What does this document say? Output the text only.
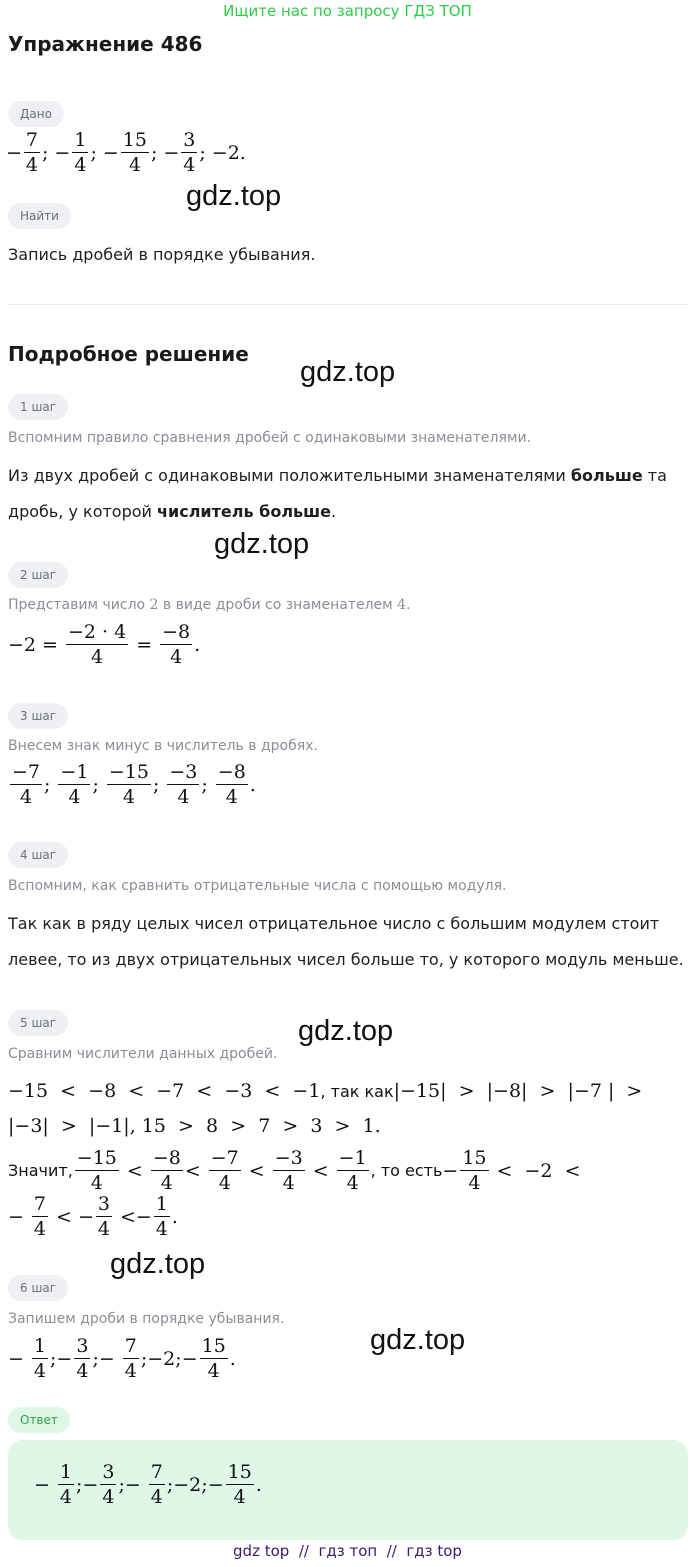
Ищите нас по запросу ГДЗ ТОП
Упражнение 486
Дано
− $\frac{7}{4}$ ; − $\frac{1}{4}$ ; − $\frac{15}{4}$ ; − $\frac{3}{4}$ ; −2.
gdz.top
Найти
Запись дробей в порядке убывания.
Подробное решение
gdz.top
1 шаг
Вспомним правило сравнения дробей с одинаковыми знаменателями.
Из двух дробей с одинаковыми положительными знаменателями больше та
дробь, у которой числитель больше.
gdz.top
2 шаг
Представим число 2 в виде дроби со знаменателем 4.
$-2 = \frac{-2 \cdot 4}{4} = \frac{-8}{4}$ .
3 шаг
Внесем знак минус в числитель в дробях.
$\frac{-7}{4}$ ; $\frac{-1}{4}$ ; $\frac{-15}{4}$ ; $\frac{-3}{4}$ ; $\frac{-8}{4}$ .
4 шаг
Вспомним, как сравнить отрицательные числа с помощью модуля.
Так как в ряду целых чисел отрицательное число с большим модулем стоит
левее, то из двух отрицательных чисел больше то, у которого модуль меньше.
5 шаг	gdz.top
Сравним числители данных дробей.
−15  <  −8  <  −7  <  −3  <  −1 , так как |−15|  >  |−8|  >  |−7 |  >
|−3|  >  |−1| , 15  >  8  >  7  >  3  >  1.
Значит, $\frac{-15}{4} < \frac{-8}{4} < \frac{-7}{4} < \frac{-3}{4} < \frac{-1}{4}$ , то есть − $\frac{15}{4} < -2$  <
− $\frac{7}{4}$ < − $\frac{3}{4}$ < − $\frac{1}{4}$ .
gdz.top
6 шаг
Запишем дроби в порядке убывания.
gdz.top
− $\frac{1}{4}$ ; − $\frac{3}{4}$ ; − $\frac{7}{4}$ ; −2 ; − $\frac{15}{4}$ .
Ответ
− $\frac{1}{4}$ ; − $\frac{3}{4}$ ; − $\frac{7}{4}$ ; −2 ; − $\frac{15}{4}$ .
gdz top  //  гдз топ  //  гдз top
